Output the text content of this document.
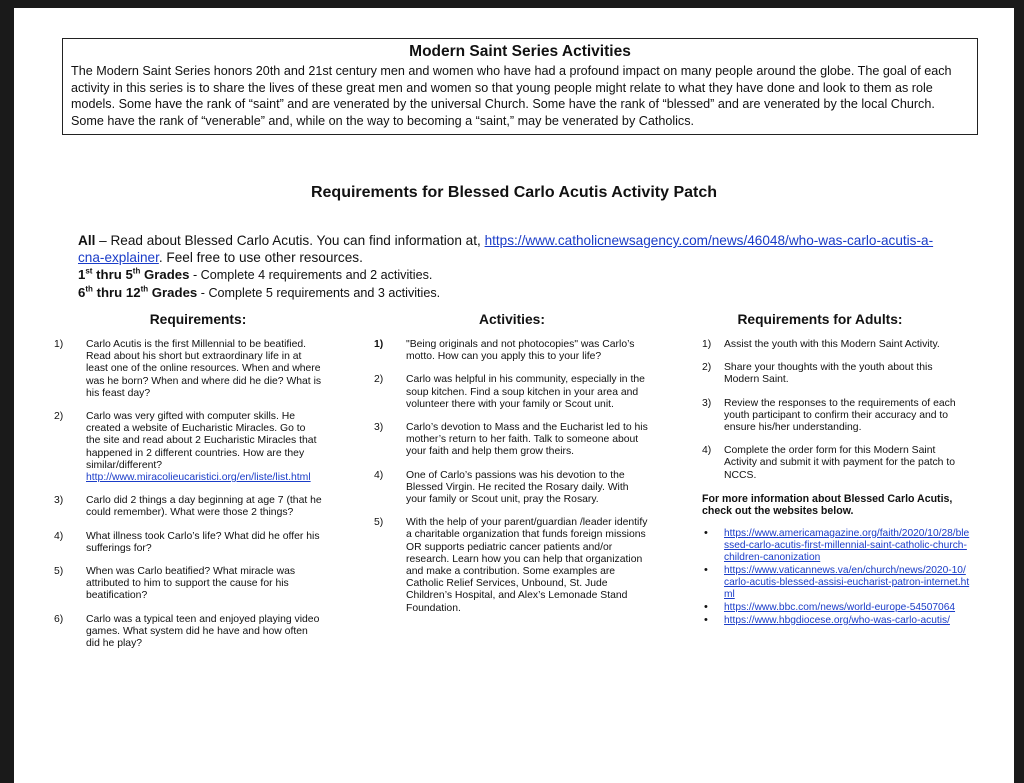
Modern Saint Series Activities
The Modern Saint Series honors 20th and 21st century men and women who have had a profound impact on many people around the globe. The goal of each activity in this series is to share the lives of these great men and women so that young people might relate to what they have done and look to them as role models. Some have the rank of “saint” and are venerated by the universal Church. Some have the rank of “blessed” and are venerated by the local Church. Some have the rank of “venerable” and, while on the way to becoming a “saint,” may be venerated by Catholics.
Requirements for Blessed Carlo Acutis Activity Patch
All – Read about Blessed Carlo Acutis. You can find information at, https://www.catholicnewsagency.com/news/46048/who-was-carlo-acutis-a-cna-explainer. Feel free to use other resources.
1st thru 5th Grades - Complete 4 requirements and 2 activities.
6th thru 12th Grades - Complete 5 requirements and 3 activities.
Requirements:
1) Carlo Acutis is the first Millennial to be beatified. Read about his short but extraordinary life in at least one of the online resources. When and where was he born? When and where did he die? What is his feast day?
2) Carlo was very gifted with computer skills. He created a website of Eucharistic Miracles. Go to the site and read about 2 Eucharistic Miracles that happened in 2 different countries. How are they similar/different?
http://www.miracolieucaristici.org/en/liste/list.html
3) Carlo did 2 things a day beginning at age 7 (that he could remember). What were those 2 things?
4) What illness took Carlo’s life? What did he offer his sufferings for?
5) When was Carlo beatified? What miracle was attributed to him to support the cause for his beatification?
6) Carlo was a typical teen and enjoyed playing video games. What system did he have and how often did he play?
Activities:
1) "Being originals and not photocopies" was Carlo’s motto. How can you apply this to your life?
2) Carlo was helpful in his community, especially in the soup kitchen. Find a soup kitchen in your area and volunteer there with your family or Scout unit.
3) Carlo’s devotion to Mass and the Eucharist led to his mother’s return to her faith. Talk to someone about your faith and help them grow theirs.
4) One of Carlo’s passions was his devotion to the Blessed Virgin. He recited the Rosary daily. With your family or Scout unit, pray the Rosary.
5) With the help of your parent/guardian /leader identify a charitable organization that funds foreign missions OR supports pediatric cancer patients and/or research. Learn how you can help that organization and make a contribution. Some examples are Catholic Relief Services, Unbound, St. Jude Children’s Hospital, and Alex’s Lemonade Stand Foundation.
Requirements for Adults:
1) Assist the youth with this Modern Saint Activity.
2) Share your thoughts with the youth about this Modern Saint.
3) Review the responses to the requirements of each youth participant to confirm their accuracy and to ensure his/her understanding.
4) Complete the order form for this Modern Saint Activity and submit it with payment for the patch to NCCS.
For more information about Blessed Carlo Acutis, check out the websites below.
• https://www.americamagazine.org/faith/2020/10/28/blessed-carlo-acutis-first-millennial-saint-catholic-church-children-canonization
• https://www.vaticannews.va/en/church/news/2020-10/carlo-acutis-blessed-assisi-eucharist-patron-internet.html
• https://www.bbc.com/news/world-europe-54507064
• https://www.hbgdiocese.org/who-was-carlo-acutis/
